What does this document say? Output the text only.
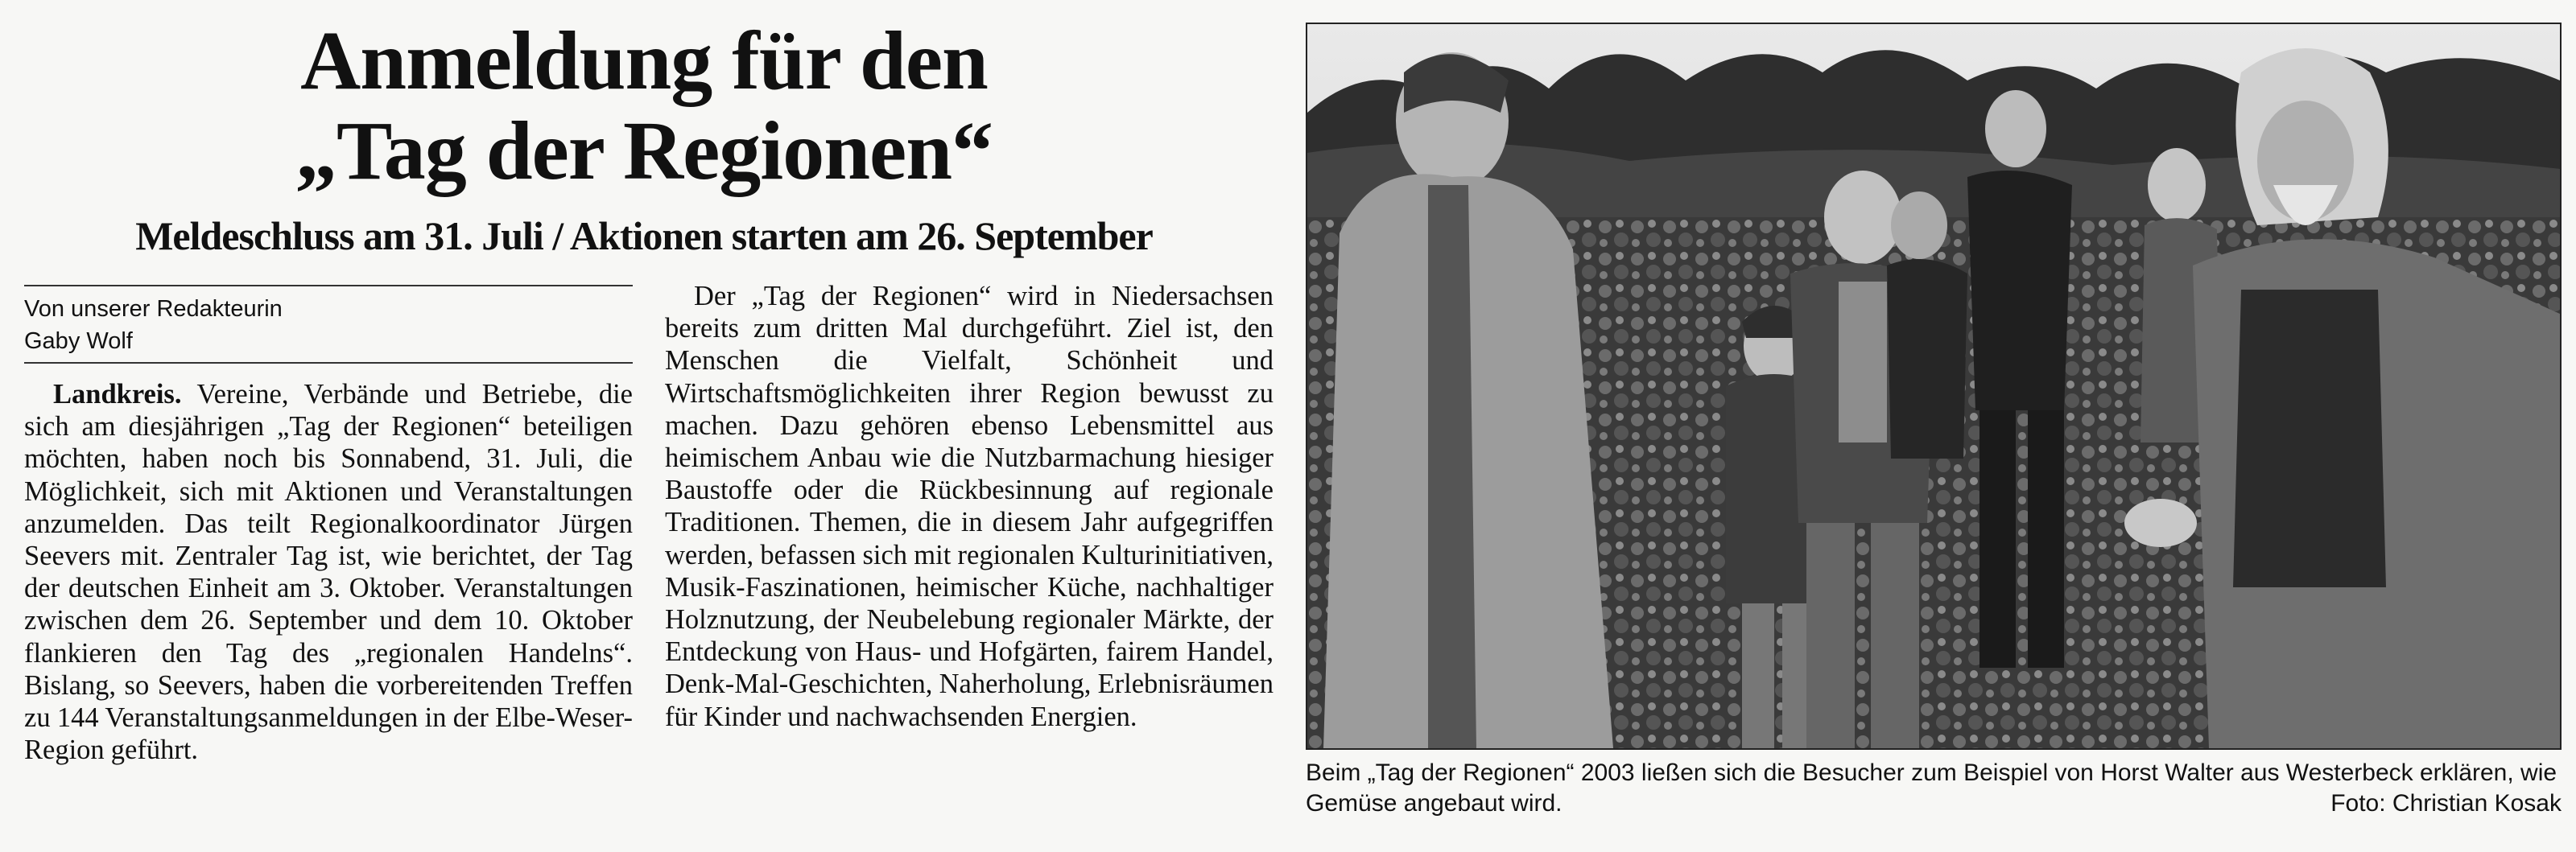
Anmeldung für den
„Tag der Regionen“
Meldeschluss am 31. Juli / Aktionen starten am 26. September
Von unserer Redakteurin
Gaby Wolf

Landkreis. Vereine, Verbände und Betriebe, die sich am diesjährigen „Tag der Regionen“ beteiligen möchten, haben noch bis Sonnabend, 31. Juli, die Möglichkeit, sich mit Aktionen und Veranstaltungen anzumelden. Das teilt Regionalkoordinator Jürgen Seevers mit. Zentraler Tag ist, wie berichtet, der Tag der deutschen Einheit am 3. Oktober. Veranstaltungen zwischen dem 26. September und dem 10. Oktober flankieren den Tag des „regionalen Handelns“. Bislang, so Seevers, haben die vorbereitenden Treffen zu 144 Veranstaltungsanmeldungen in der Elbe-Weser-Region geführt.

Der „Tag der Regionen“ wird in Niedersachsen bereits zum dritten Mal durchgeführt. Ziel ist, den Menschen die Vielfalt, Schönheit und Wirtschaftsmöglichkeiten ihrer Region bewusst zu machen. Dazu gehören ebenso Lebensmittel aus heimischem Anbau wie die Nutzbarmachung hiesiger Baustoffe oder die Rückbesinnung auf regionale Traditionen. Themen, die in diesem Jahr aufgegriffen werden, befassen sich mit regionalen Kulturinitiativen, Musik-Faszinationen, heimischer Küche, nachhaltiger Holznutzung, der Neubelebung regionaler Märkte, der Entdeckung von Haus- und Hofgärten, fairem Handel, Denk-Mal-Geschichten, Naherholung, Erlebnisräumen für Kinder und nachwachsenden Energien.

Beim „Tag der Regionen“ 2003 ließen sich die Besucher zum Beispiel von Horst Walter aus Westerbeck erklären, wie Gemüse angebaut wird.	Foto: Christian Kosak
